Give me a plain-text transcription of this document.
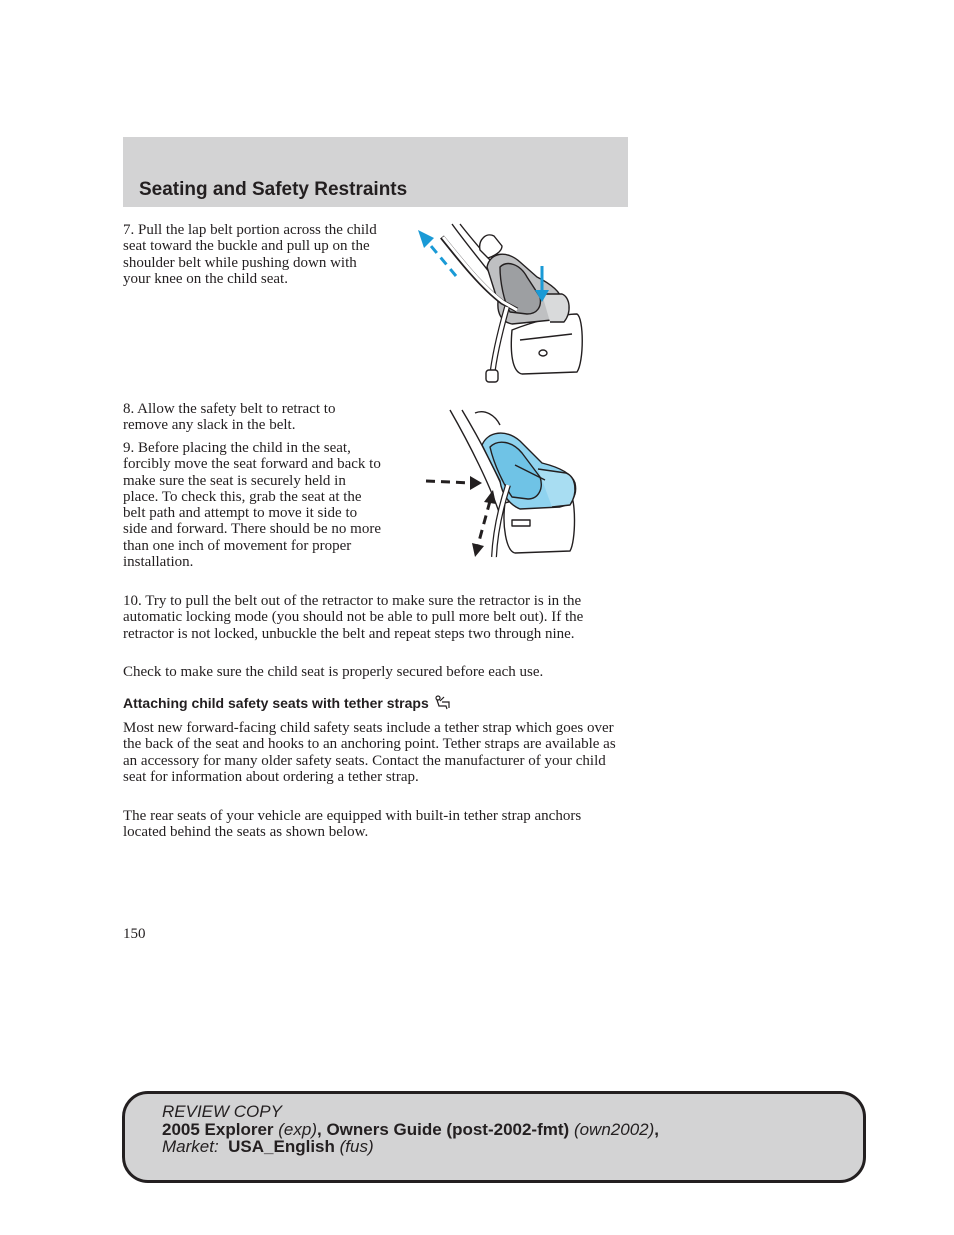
Seating and Safety Restraints

7. Pull the lap belt portion across the child seat toward the buckle and pull up on the shoulder belt while pushing down with your knee on the child seat.

8. Allow the safety belt to retract to remove any slack in the belt.

9. Before placing the child in the seat, forcibly move the seat forward and back to make sure the seat is securely held in place. To check this, grab the seat at the belt path and attempt to move it side to side and forward. There should be no more than one inch of movement for proper installation.

10. Try to pull the belt out of the retractor to make sure the retractor is in the automatic locking mode (you should not be able to pull more belt out). If the retractor is not locked, unbuckle the belt and repeat steps two through nine.

Check to make sure the child seat is properly secured before each use.

Attaching child safety seats with tether straps

Most new forward-facing child safety seats include a tether strap which goes over the back of the seat and hooks to an anchoring point. Tether straps are available as an accessory for many older safety seats. Contact the manufacturer of your child seat for information about ordering a tether strap.

The rear seats of your vehicle are equipped with built-in tether strap anchors located behind the seats as shown below.

150
REVIEW COPY
2005 Explorer (exp), Owners Guide (post-2002-fmt) (own2002),
Market: USA_English (fus)
